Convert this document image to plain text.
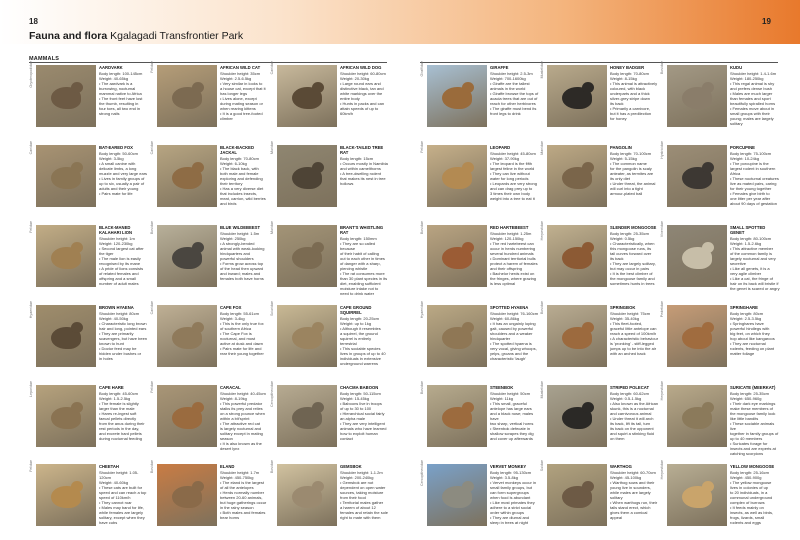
18	19
Fauna and flora Kgalagadi Transfrontier Park
MAMMALS
Orycteropodidae	AARDVARK
Body length: 100-145cm
Weight: 40-65kg
• The aardvark is a burrowing, nocturnal
mammal native to Africa
• The front feet have lost
the thumb, resulting in
four toes, all two end in
strong nails
Felidae	AFRICAN WILD CAT
Shoulder height: 35cm
Weight: 2.5-6.5kg
• Very similar in looks to
a house cat, except that it
has longer legs
• Lives alone, except
during mating season or
when rearing kittens
• It is a good tree-footed
climber
Canidae	AFRICAN WILD DOG
Shoulder height: 60-80cm
Weight: 20-30kg
• Large round ears and
distinctive black, tan and
white markings over the
entire body
• Hunts in packs and can
attain speeds of up to
60km/h
Canidae	BAT-EARED FOX
Body length: 50-60cm
Weight: 3-5kg
• A small canine with
delicate limbs, a long
muzzle and very large ears
• Lives in family groups of
up to six, usually a pair of
adults and their young
• Pairs mate for life
Canidae	BLACK-BACKED JACKAL
Body length: 70-80cm
Weight: 6-10kg
• The black back, with
both male and female
exploring and defending
their territory
• Has a very diverse diet
that includes insects,
meat, carrion, wild berries
and birds
Muridae	BLACK-TAILED TREE RAT
Body length: 15cm
• Occurs mostly in Namibia
and within camelthorns
• A tree-dwelling rodent
that makes its nest in tree
hollows
Felidae	BLACK-MANED KALAHARI LION
Shoulder height: 1m
Weight: 120-230kg
• Second largest cat after
the tiger
• The male lion is easily
recognised by its mane
• A pride of lions consists
of related females and
offspring and a small
number of adult males
Bovidae	BLUE WILDEBEEST
Shoulder height: 1.5m
Weight: 250kg
• A strongly-bended
animal with weak-looking
hindquarters and
powerful shoulders
• Forms grow across top
of the head then upward
and inward; males and
females both have horns
Muridae	BRANT'S WHISTLING RAT
Body length: 150mm
• They are so called because
of their habit of calling
out to each other in times
of danger with a sharp,
piercing whistle
• The rat consumes more
than 30 plant species in its
diet, enabling sufficient
moisture intake not to
need to drink water
Hyaenidae	BROWN HYAENA
Shoulder height: 80cm
Weight: 40-50kg
• Characteristic long brown
hair and long, pointed ears
• They are primarily
scavengers, but have been
known to hunt
• Doctor feed may be
hidden under bushes or
in holes
Canidae	CAPE FOX
Body length: 55-61cm
Weight: 3-4kg
• This is the only true fox
of southern Africa
• The Cape Fox is
nocturnal, and most
active at dusk and dawn
• Pairs mate for life and
rear their young together
Sciuridae	CAPE GROUND SQUIRREL
Body length: 20-25cm
Weight: up to 1kg
• Although it resembles
a squirrel, the ground
squirrel is entirely
terrestrial
• This sociable species
lives in groups of up to 40
individuals in extensive
underground warrens
Leporidae	CAPE HARE
Body length: 45-60cm
Weight: 1.5-2.5kg
• The female is slightly
larger than the male
• Hares re-ingest soft
faecal pellets directly
from the anus during their
rest periods in the day,
and excrete hard pellets
during nocturnal feeding
Felidae	CARACAL
Shoulder height: 40-45cm
Weight: 8-19kg
• This powerful predator
stalks its prey and relies
on a strong pounce when
within a bit'sprint
• The attractive red cat
is largely nocturnal and
solitary except in mating
season
• It is also known as the
desert lynx
Cercopithecidae	CHACMA BABOON
Body length: 50-115cm
Weight: 15-45kg
• Baboons live in troops
of up to 30 to 100
• Hierarchical social fairly
an alpha male
• They are very intelligent
animals who have learned
how to exploit human
contact
Felidae	CHEETAH
Shoulder height: 1.05-120cm
Weight: 40-60kg
• These cats are built for
speed and can reach a top
speed of 110km/h
• They cannot roar
• Males may band for life,
while females are largely
solitary, except when they
have cubs
Bovidae	ELAND
Shoulder height: 1.7m
Weight: 450-750kg
• The eland is the largest
of all the antelopes
• Herds normally number
between 20-60 animals,
but huge gatherings occur
in the rainy season
• Both males and females
bear horns
Bovidae	GEMSBOK
Shoulder height: 1-1.2m
Weight: 200-240kg
• Gemsbok are not
dependent on open water
sources, taking moisture
from their food
• Territorial males gather
a harem of about 12
females and retain the sole
right to mate with them
Giraffidae	GIRAFFE
Shoulder height: 2.5-3m
Weight: 700-1600kg
• Giraffe are the tallest
animals in the world
• Giraffe browse the tops of
acacia trees that are out of
reach for other herbivores
• The giraffe must bend its
front legs to drink
Mustelidae	HONEY BADGER
Body length: 70-80cm
Weight: 8-15kg
• This animal is attractively
coloured, with black
underparts and a thick
silver-grey stripe down
its back
• Primarily a carnivore,
but it has a predilection
for honey
Bovidae	KUDU
Shoulder height: 1.4-1.6m
Weight: 180-250kg
• This regal animal is shy
and prefers dense bush
• Males are much larger
than females and sport
beautifully spiralled horns
• Females move about in
small groups with their
young; males are largely
solitary
Felidae	LEOPARD
Shoulder height: 45-80cm
Weight: 37-90kg
• The leopard is the fifth
largest feline in the world
• They can live without
water for long periods
• Leopards are very strong
and can drag prey up to
3 times their own body
weight into a tree to eat it
Manidae	PANGOLIN
Body length: 70-100cm
Weight: 5-15kg
• The common name
for the pangolin is scaly
anteater, as termites are
its only diet
• Under threat, the animal
will curl into a tight
armour-plated ball
Hystricidae	PORCUPINE
Body length: 75-100cm
Weight: 10-24kg
• The porcupine is the
largest rodent in southern
Africa
• These nocturnal creatures
live as mated pairs, caring
for their young together
• Females give birth to
one litter per year after
about 90 days of gestation
Bovidae	RED HARTEBEEST
Shoulder height: 1.25m
Weight: 120-150kg
• The red hartebeest can
occur in herds numbering
several hundred animals
• Dominant territorial bulls
protect a harem of females
and their offspring
• Bachelor herds exist on
the fringes, where grazing
is less optimal
Herpestidae	SLENDER MONGOOSE
Body length: 25-35cm
Weight: 0.5kg
• Characteristically, when
this mongoose runs, its
tail curves forward over
its back
• They are largely solitary,
but may occur in pairs
• It is the best climber of
the mongoose family and
sometimes hunts in trees
Viverridae	SMALL SPOTTED GENET
Body length: 80-100cm
Weight: 1.5-2.6kg
• This attractive member
of the common family is
largely nocturnal and very
secretive
• Like all genets, it is a
very agile climber
• Like a cat, the fringe of
hair on its back will bristle if
the genet is scared or angry
Hyaenidae	SPOTTED HYAENA
Shoulder height: 76-160cm
Weight: 60-86kg
• It has an ungainly loping
gait, caused by powerful
shoulders and a weaker
hindquarter
• The spotted hyaena is
very vocal, giving whoops,
yelps, groans and the
characteristic 'laugh'
Bovidae	SPRINGBOK
Shoulder height: 75cm
Weight: 35-40kg
• This fleet-footed,
graceful little antelope can
reach a speed of 100km/h
• A characteristic behaviour
is 'pronking' - stiff-legged
jumps up to be into the air
with an arched back
Pedetidae	SPRINGHARE
Body length: 80cm
Weight: 2.5-3.5kg
• Springhares have
powerful hindlegs with
big feet, on which they
hop about like kangaroos
• They are nocturnal
rodents, feeding on plant
matter foliage
Bovidae	STEENBOK
Shoulder height: 50cm
Weight: 11kg
• This small, graceful
antelope has large ears
and a black nose; males have
two sharp, vertical horns
• Steenbok defecate in
shallow scrapes they dig
and cover up afterwards
Mustelidae	STRIPED POLECAT
Body length: 60-62cm
Weight: 0.5-1.5kg
• Also known as the African
skunk, this is a nocturnal
and carnivorous animal
• Under threat it will arch
its back, lift its tail, turn
its back on the opponent
and squirt a stinking fluid
on them
Herpestidae	SURICATE (MEERKAT)
Body length: 25-35cm
Weight: 650-960g
• Their dark eye markings
make these members of
the mongoose family look
like little bandits
• These sociable animals live
together in family groups of
up to 40 members
• Suricates forage for
insects and are experts at
catching scorpions
Cercopithecidae	VERVET MONKEY
Body length: 95-130cm
Weight: 3.5-8kg
• Vervet monkeys occur in
small family groups, but
can form supergroups
when food is abundant
• Like most primates they
adhere to a strict social
order within groups
• They are diurnal and
sleep in trees at night
Suidae	WARTHOG
Shoulder height: 60-70cm
Weight: 45-100kg
• Warthog sows and their
young live in sounders,
while males are largely
solitary
• When warthogs run, their
tails stand erect, which
gives them a comical
appeal
Herpestidae	YELLOW MONGOOSE
Body length: 25-16cm
Weight: 450-900g
• The yellow mongoose
lives in colonies of up
to 20 individuals, in a
communal underground
complex of burrows
• It feeds mainly on
insects, as well as birds,
frogs, lizards, small
rodents and eggs
